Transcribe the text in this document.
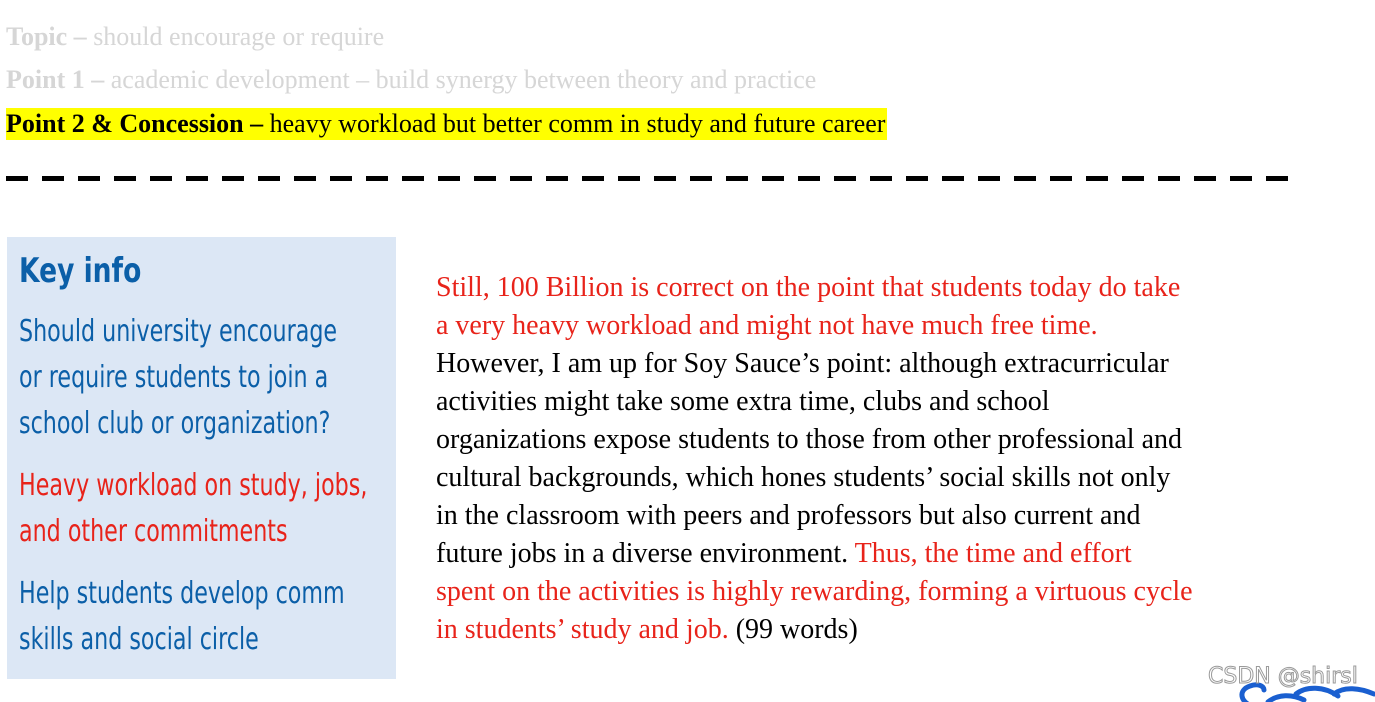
Topic – should encourage or require
Point 1 – academic development – build synergy between theory and practice
Point 2 & Concession – heavy workload but better comm in study and future career
Key info
Should university encourage
or require students to join a
school club or organization?
Heavy workload on study, jobs,
and other commitments
Help students develop comm
skills and social circle
Still, 100 Billion is correct on the point that students today do take
a very heavy workload and might not have much free time.
However, I am up for Soy Sauce’s point: although extracurricular
activities might take some extra time, clubs and school
organizations expose students to those from other professional and
cultural backgrounds, which hones students’ social skills not only
in the classroom with peers and professors but also current and
future jobs in a diverse environment. Thus, the time and effort
spent on the activities is highly rewarding, forming a virtuous cycle
in students’ study and job. (99 words)
CSDN @shirsl
